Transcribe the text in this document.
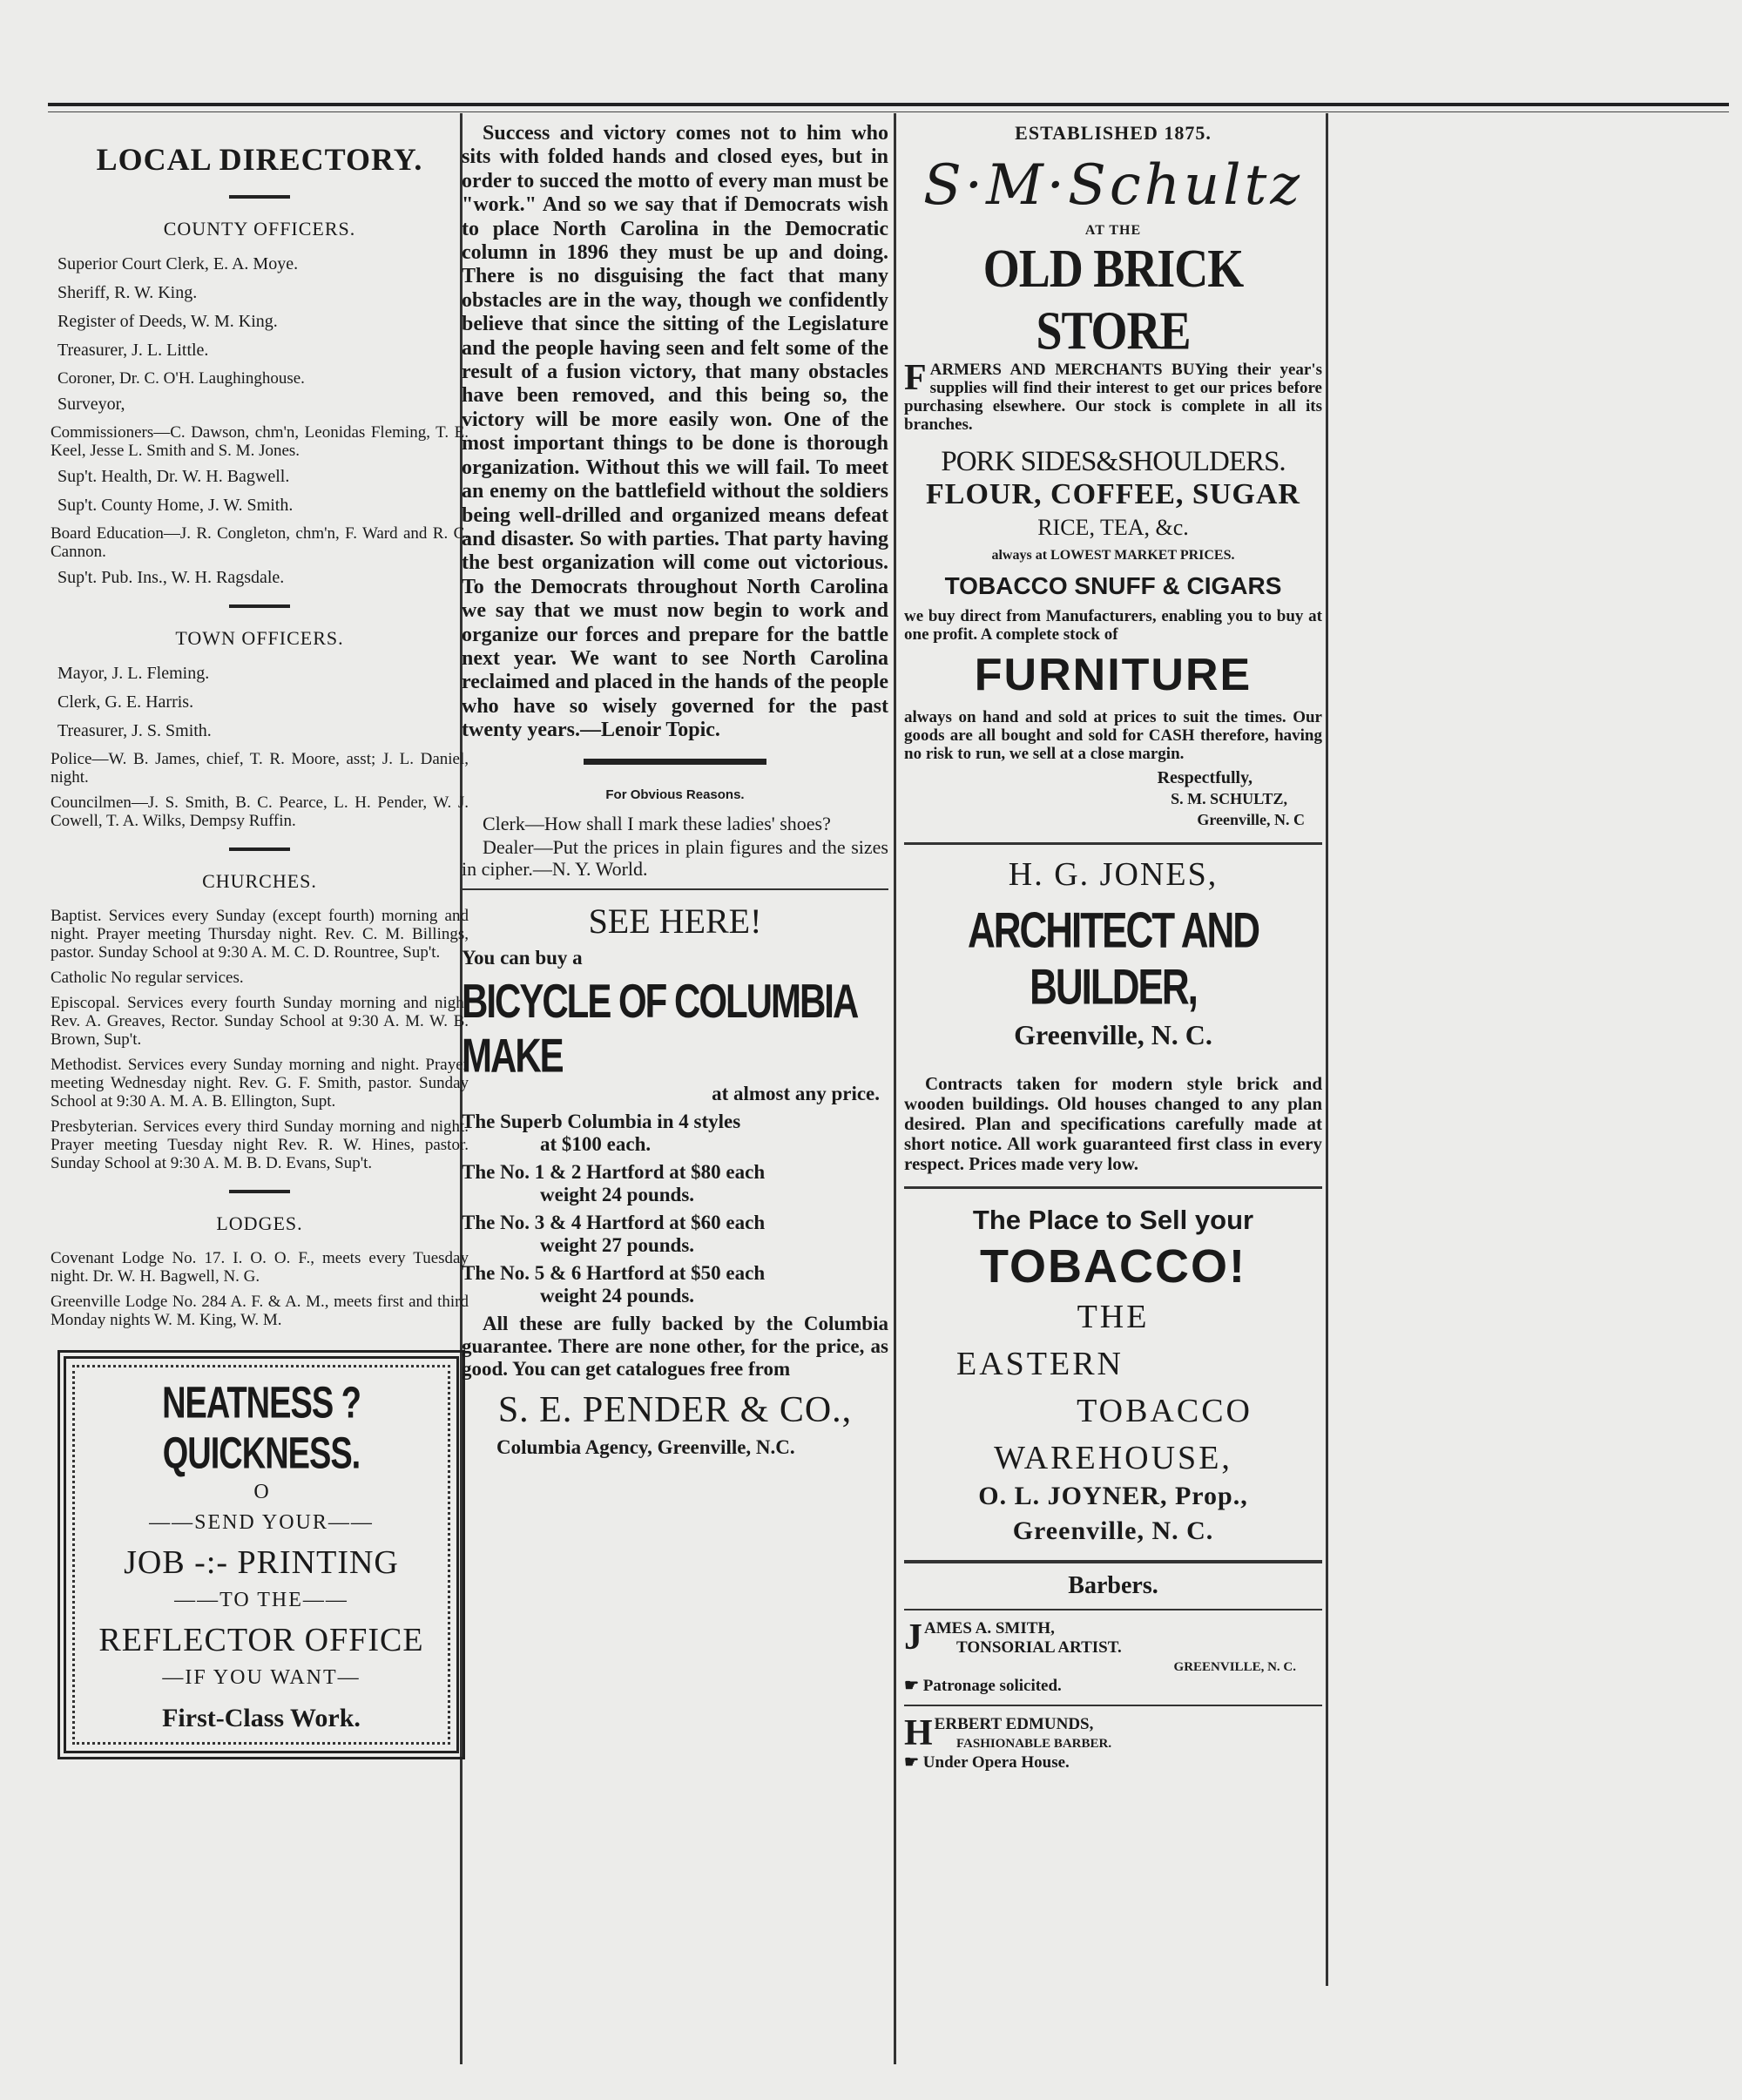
LOCAL DIRECTORY.
COUNTY OFFICERS.

Superior Court Clerk, E. A. Moye.

Sheriff, R. W. King.

Register of Deeds, W. M. King.

Treasurer, J. L. Little.

Coroner, Dr. C. O'H. Laughinghouse.

Surveyor,

Commissioners—C. Dawson, chm'n, Leonidas Fleming, T. E. Keel, Jesse L. Smith and S. M. Jones.

Sup't. Health, Dr. W. H. Bagwell.

Sup't. County Home, J. W. Smith.

Board Education—J. R. Congleton, chm'n, F. Ward and R. C. Cannon.

Sup't. Pub. Ins., W. H. Ragsdale.

TOWN OFFICERS.

Mayor, J. L. Fleming.

Clerk, G. E. Harris.

Treasurer, J. S. Smith.

Police—W. B. James, chief, T. R. Moore, asst; J. L. Daniel, night.

Councilmen—J. S. Smith, B. C. Pearce, L. H. Pender, W. J. Cowell, T. A. Wilks, Dempsy Ruffin.

CHURCHES.

Baptist. Services every Sunday (except fourth) morning and night. Prayer meeting Thursday night. Rev. C. M. Billings, pastor. Sunday School at 9:30 A. M. C. D. Rountree, Sup't.

Catholic No regular services.

Episcopal. Services every fourth Sunday morning and night Rev. A. Greaves, Rector. Sunday School at 9:30 A. M. W. B. Brown, Sup't.

Methodist. Services every Sunday morning and night. Prayer meeting Wednesday night. Rev. G. F. Smith, pastor. Sunday School at 9:30 A. M. A. B. Ellington, Supt.

Presbyterian. Services every third Sunday morning and night. Prayer meeting Tuesday night Rev. R. W. Hines, pastor. Sunday School at 9:30 A. M. B. D. Evans, Sup't.

LODGES.

Covenant Lodge No. 17. I. O. O. F., meets every Tuesday night. Dr. W. H. Bagwell, N. G.

Greenville Lodge No. 284 A. F. & A. M., meets first and third Monday nights W. M. King, W. M.

NEATNESS ? QUICKNESS.
O
——SEND YOUR——
JOB -:- PRINTING
——TO THE——
REFLECTOR OFFICE
—IF YOU WANT—
First-Class Work.

Success and victory comes not to him who sits with folded hands and closed eyes, but in order to succed the motto of every man must be "work." And so we say that if Democrats wish to place North Carolina in the Democratic column in 1896 they must be up and doing. There is no disguising the fact that many obstacles are in the way, though we confidently believe that since the sitting of the Legislature and the people having seen and felt some of the result of a fusion victory, that many obstacles have been removed, and this being so, the victory will be more easily won. One of the most important things to be done is thorough organization. Without this we will fail. To meet an enemy on the battlefield without the soldiers being well-drilled and organized means defeat and disaster. So with parties. That party having the best organization will come out victorious. To the Democrats throughout North Carolina we say that we must now begin to work and organize our forces and prepare for the battle next year. We want to see North Carolina reclaimed and placed in the hands of the people who have so wisely governed for the past twenty years.—Lenoir Topic.

For Obvious Reasons.

Clerk—How shall I mark these ladies' shoes?

Dealer—Put the prices in plain figures and the sizes in cipher.—N. Y. World.

SEE HERE!
You can buy a
BICYCLE OF COLUMBIA MAKE
at almost any price.
The Superb Columbia in 4 styles
at $100 each.
The No. 1 & 2 Hartford at $80 each
weight 24 pounds.
The No. 3 & 4 Hartford at $60 each
weight 27 pounds.
The No. 5 & 6 Hartford at $50 each
weight 24 pounds.

All these are fully backed by the Columbia guarantee. There are none other, for the price, as good. You can get catalogues free from

S. E. PENDER & CO.,
Columbia Agency, Greenville, N.C.
ESTABLISHED 1875.
S·M·Schultz
AT THE
OLD BRICK STORE

FARMERS AND MERCHANTS BUYing their year's supplies will find their interest to get our prices before purchasing elsewhere. Our stock is complete in all its branches.

PORK SIDES&SHOULDERS.
FLOUR, COFFEE, SUGAR
RICE, TEA, &c.
always at LOWEST MARKET PRICES.
TOBACCO SNUFF & CIGARS

we buy direct from Manufacturers, enabling you to buy at one profit. A complete stock of

FURNITURE

always on hand and sold at prices to suit the times. Our goods are all bought and sold for CASH therefore, having no risk to run, we sell at a close margin.

Respectfully,
S. M. SCHULTZ,
Greenville, N. C
H. G. JONES,
ARCHITECT AND BUILDER,
Greenville, N. C.

Contracts taken for modern style brick and wooden buildings. Old houses changed to any plan desired. Plan and specifications carefully made at short notice. All work guaranteed first class in every respect. Prices made very low.

The Place to Sell your
TOBACCO!
THE
EASTERN
TOBACCO
WAREHOUSE,
O. L. JOYNER, Prop.,
Greenville, N. C.
Barbers.
J AMES A. SMITH,
TONSORIAL ARTIST.
GREENVILLE, N. C.
☛ Patronage solicited.
H ERBERT EDMUNDS,
FASHIONABLE BARBER.
☛ Under Opera House.
